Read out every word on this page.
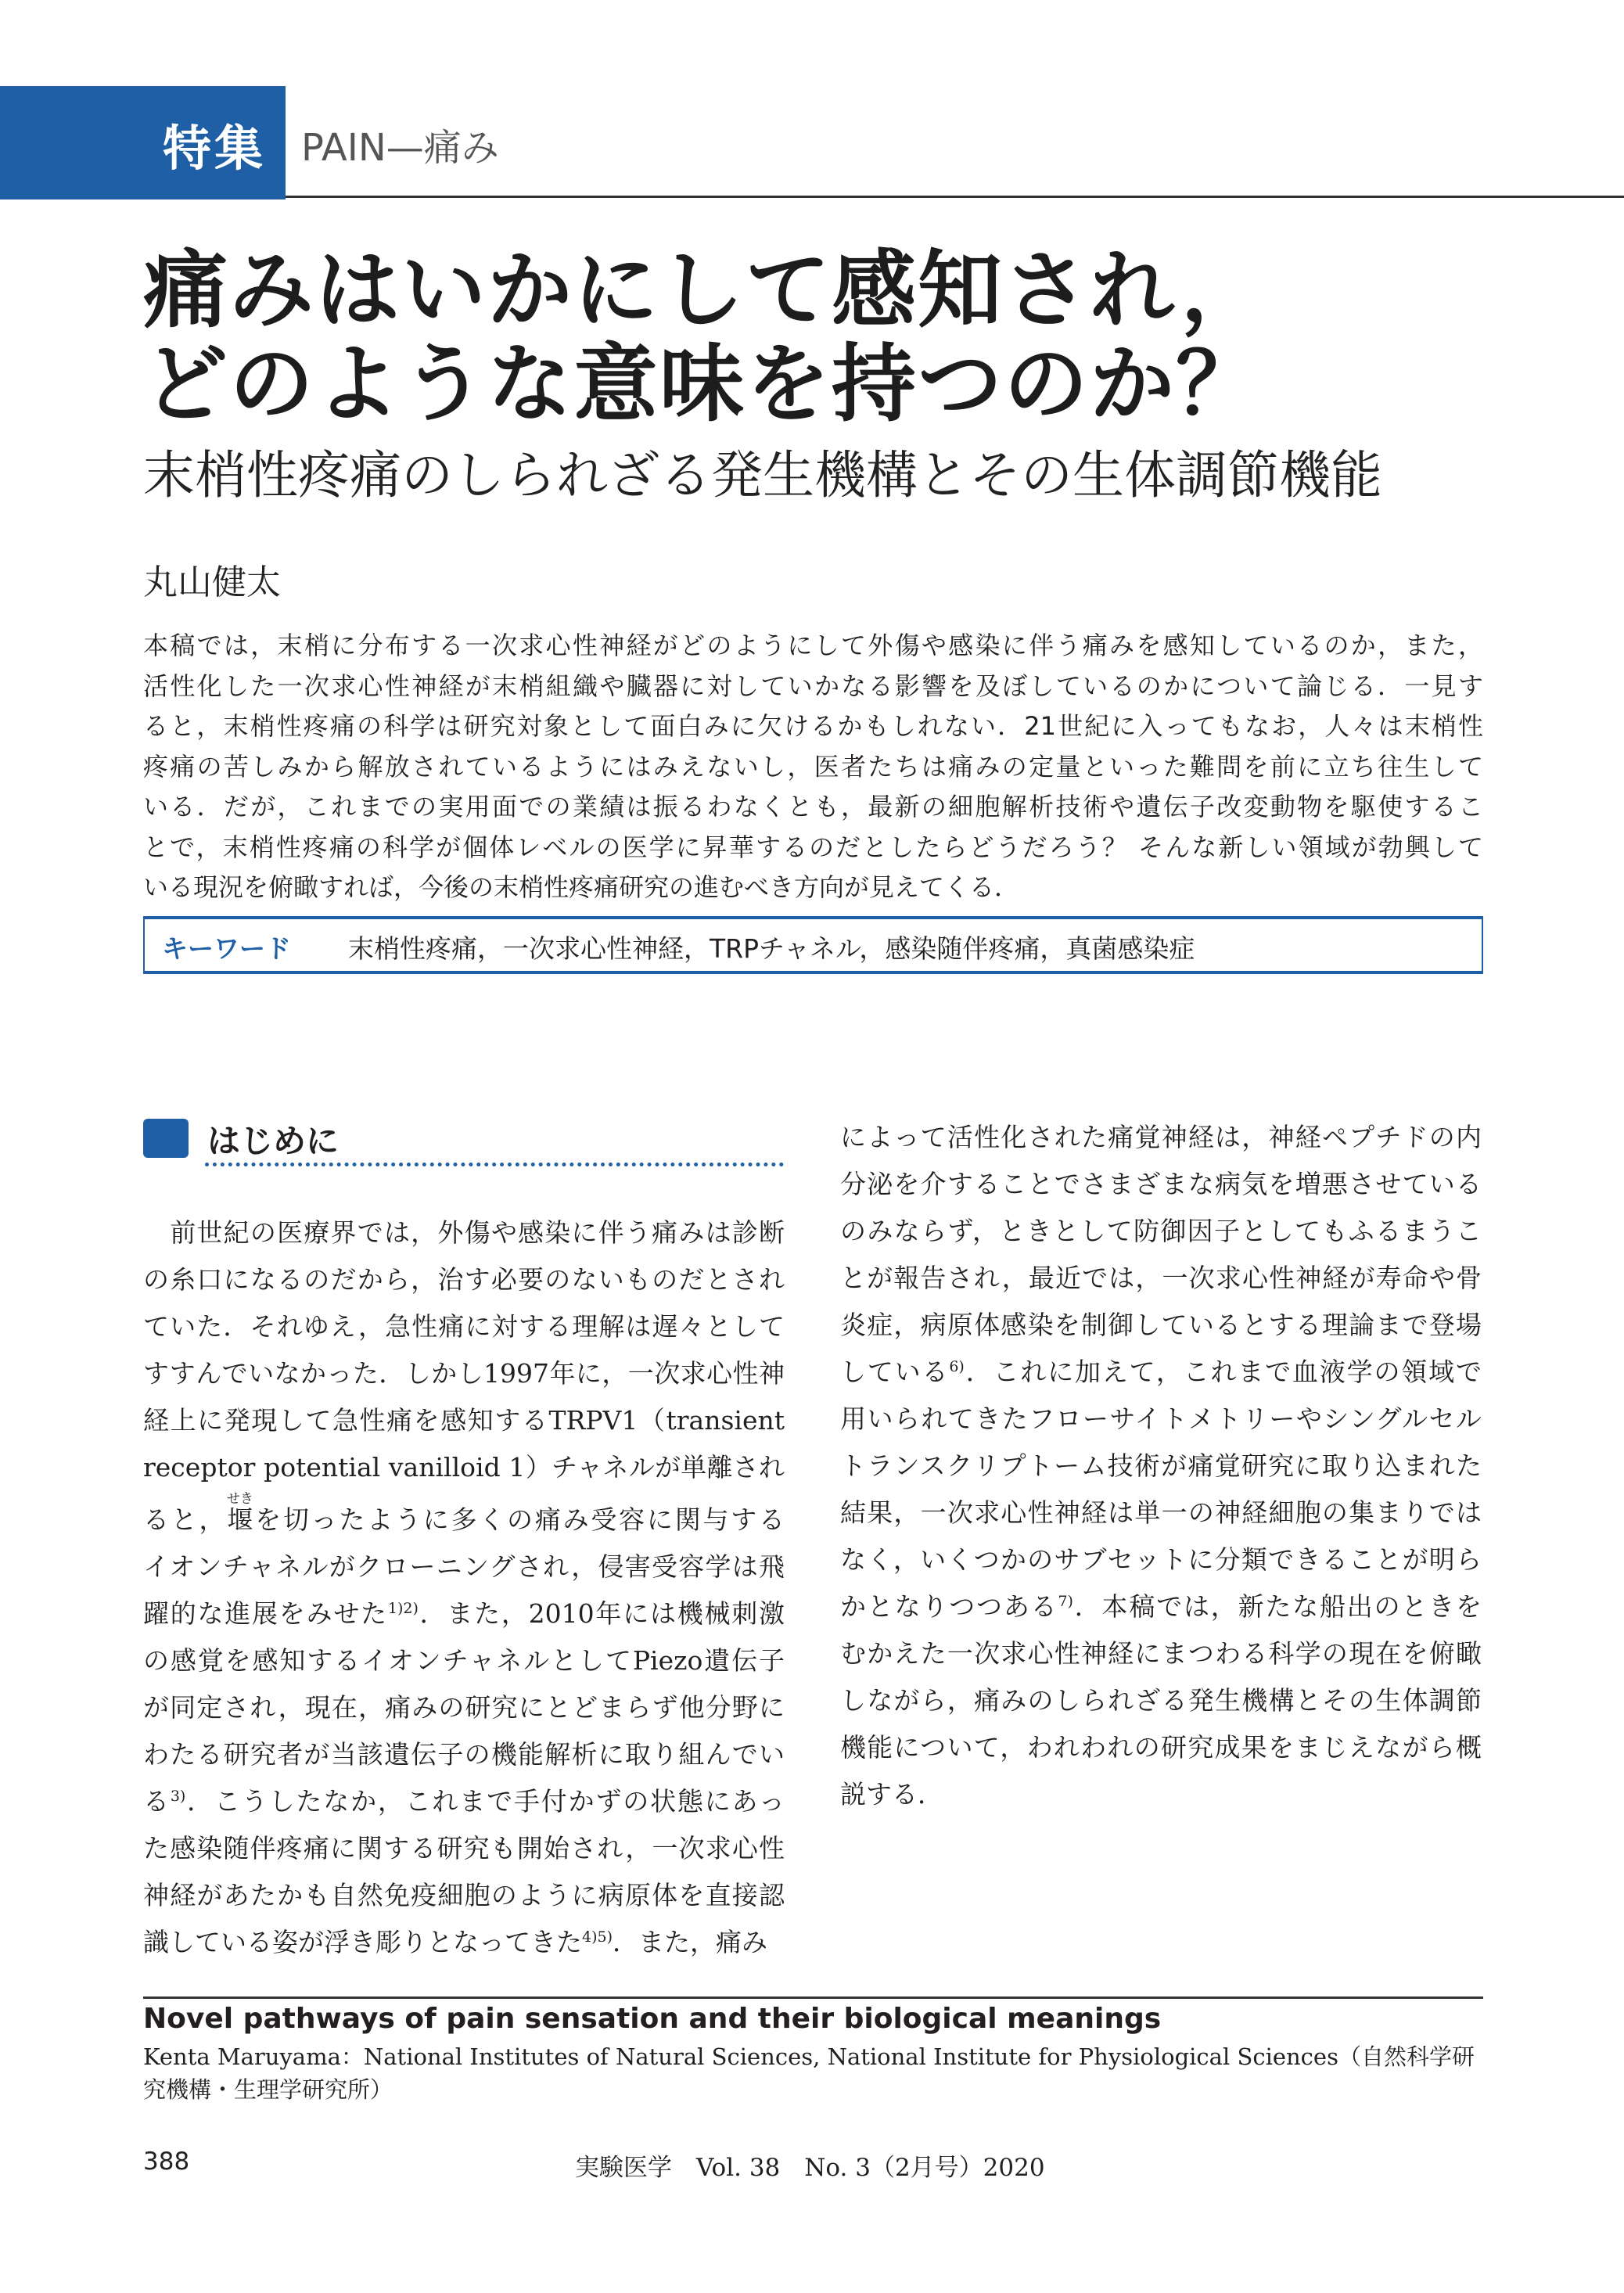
特集 PAIN—痛み
痛みはいかにして感知され，
どのような意味を持つのか？
末梢性疼痛のしられざる発生機構とその生体調節機能
丸山健太
本稿では，末梢に分布する一次求心性神経がどのようにして外傷や感染に伴う痛みを感知しているのか，また，
活性化した一次求心性神経が末梢組織や臓器に対していかなる影響を及ぼしているのかについて論じる．一見す
ると，末梢性疼痛の科学は研究対象として面白みに欠けるかもしれない．21世紀に入ってもなお，人々は末梢性
疼痛の苦しみから解放されているようにはみえないし，医者たちは痛みの定量といった難問を前に立ち往生して
いる．だが，これまでの実用面での業績は振るわなくとも，最新の細胞解析技術や遺伝子改変動物を駆使するこ
とで，末梢性疼痛の科学が個体レベルの医学に昇華するのだとしたらどうだろう？ そんな新しい領域が勃興して
いる現況を俯瞰すれば，今後の末梢性疼痛研究の進むべき方向が見えてくる．
キーワード 末梢性疼痛，一次求心性神経，TRPチャネル，感染随伴疼痛，真菌感染症
はじめに
　前世紀の医療界では，外傷や感染に伴う痛みは診断
の糸口になるのだから，治す必要のないものだとされ
ていた．それゆえ，急性痛に対する理解は遅々として
すすんでいなかった．しかし1997年に，一次求心性神
経上に発現して急性痛を感知するTRPV1（transient
receptor potential vanilloid 1）チャネルが単離され
ると，堰せきを切ったように多くの痛み受容に関与する
イオンチャネルがクローニングされ，侵害受容学は飛
躍的な進展をみせた$^{1)2)}$．また，2010年には機械刺激
の感覚を感知するイオンチャネルとしてPiezo遺伝子
が同定され，現在，痛みの研究にとどまらず他分野に
わたる研究者が当該遺伝子の機能解析に取り組んでい
る$^{3)}$．こうしたなか，これまで手付かずの状態にあっ
た感染随伴疼痛に関する研究も開始され，一次求心性
神経があたかも自然免疫細胞のように病原体を直接認
識している姿が浮き彫りとなってきた$^{4)5)}$．また，痛み
によって活性化された痛覚神経は，神経ペプチドの内
分泌を介することでさまざまな病気を増悪させている
のみならず，ときとして防御因子としてもふるまうこ
とが報告され，最近では，一次求心性神経が寿命や骨
炎症，病原体感染を制御しているとする理論まで登場
している$^{6)}$．これに加えて，これまで血液学の領域で
用いられてきたフローサイトメトリーやシングルセル
トランスクリプトーム技術が痛覚研究に取り込まれた
結果，一次求心性神経は単一の神経細胞の集まりでは
なく，いくつかのサブセットに分類できることが明ら
かとなりつつある$^{7)}$．本稿では，新たな船出のときを
むかえた一次求心性神経にまつわる科学の現在を俯瞰
しながら，痛みのしられざる発生機構とその生体調節
機能について，われわれの研究成果をまじえながら概
説する．
Novel pathways of pain sensation and their biological meanings
Kenta Maruyama：National Institutes of Natural Sciences, National Institute for Physiological Sciences（自然科学研究機構・生理学研究所）
388	実験医学　Vol. 38　No. 3（2月号）2020
